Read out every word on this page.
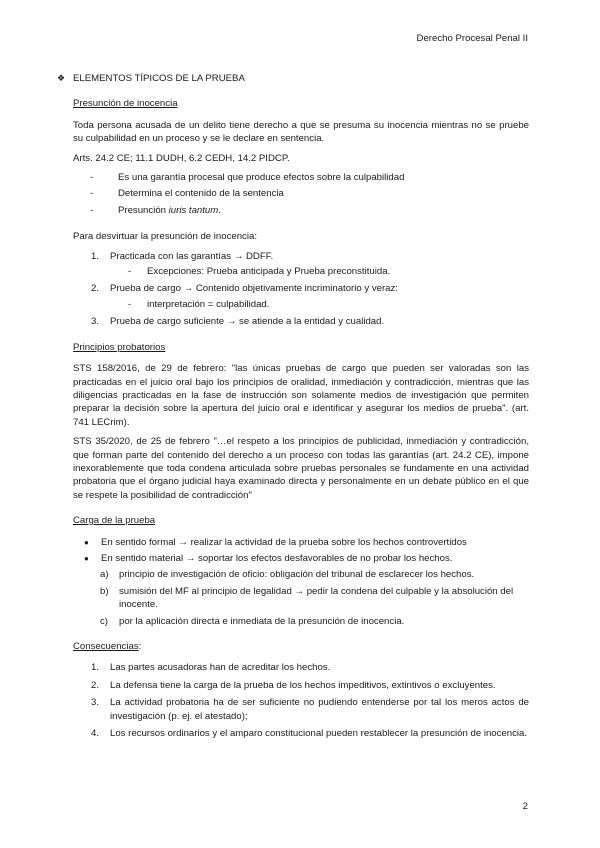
Derecho Procesal Penal II
❖ ELEMENTOS TÍPICOS DE LA PRUEBA
Presunción de inocencia

Toda persona acusada de un delito tiene derecho a que se presuma su inocencia mientras no se pruebe su culpabilidad en un proceso y se le declare en sentencia.

Arts. 24.2 CE; 11.1 DUDH, 6.2 CEDH, 14.2 PIDCP.

-	Es una garantía procesal que produce efectos sobre la culpabilidad
-	Determina el contenido de la sentencia
-	Presunción iuris tantum.

Para desvirtuar la presunción de inocencia:

1. Practicada con las garantías → DDFF.
- Excepciones: Prueba anticipada y Prueba preconstituida.
2. Prueba de cargo → Contenido objetivamente incriminatorio y veraz:
- interpretación = culpabilidad.
3. Prueba de cargo suficiente → se atiende a la entidad y cualidad.
Principios probatorios

STS 158/2016, de 29 de febrero: "las únicas pruebas de cargo que pueden ser valoradas son las practicadas en el juicio oral bajo los principios de oralidad, inmediación y contradicción, mientras que las diligencias practicadas en la fase de instrucción son solamente medios de investigación que permiten preparar la decisión sobre la apertura del juicio oral e identificar y asegurar los medios de prueba". (art. 741 LECrim).

STS 35/2020, de 25 de febrero "…el respeto a los principios de publicidad, inmediación y contradicción, que forman parte del contenido del derecho a un proceso con todas las garantías (art. 24.2 CE), impone inexorablemente que toda condena articulada sobre pruebas personales se fundamente en una actividad probatoria que el órgano judicial haya examinado directa y personalmente en un debate público en el que se respete la posibilidad de contradicción"

Carga de la prueba
● En sentido formal → realizar la actividad de la prueba sobre los hechos controvertidos
● En sentido material → soportar los efectos desfavorables de no probar los hechos.
a) principio de investigación de oficio: obligación del tribunal de esclarecer los hechos.
b) sumisión del MF al principio de legalidad → pedir la condena del culpable y la absolución del inocente.
c) por la aplicación directa e inmediata de la presunción de inocencia.
Consecuencias:
1. Las partes acusadoras han de acreditar los hechos.
2. La defensa tiene la carga de la prueba de los hechos impeditivos, extintivos o excluyentes.
3. La actividad probatoria ha de ser suficiente no pudiendo entenderse por tal los meros actos de investigación (p. ej. el atestado);
4. Los recursos ordinarios y el amparo constitucional pueden restablecer la presunción de inocencia.
2
